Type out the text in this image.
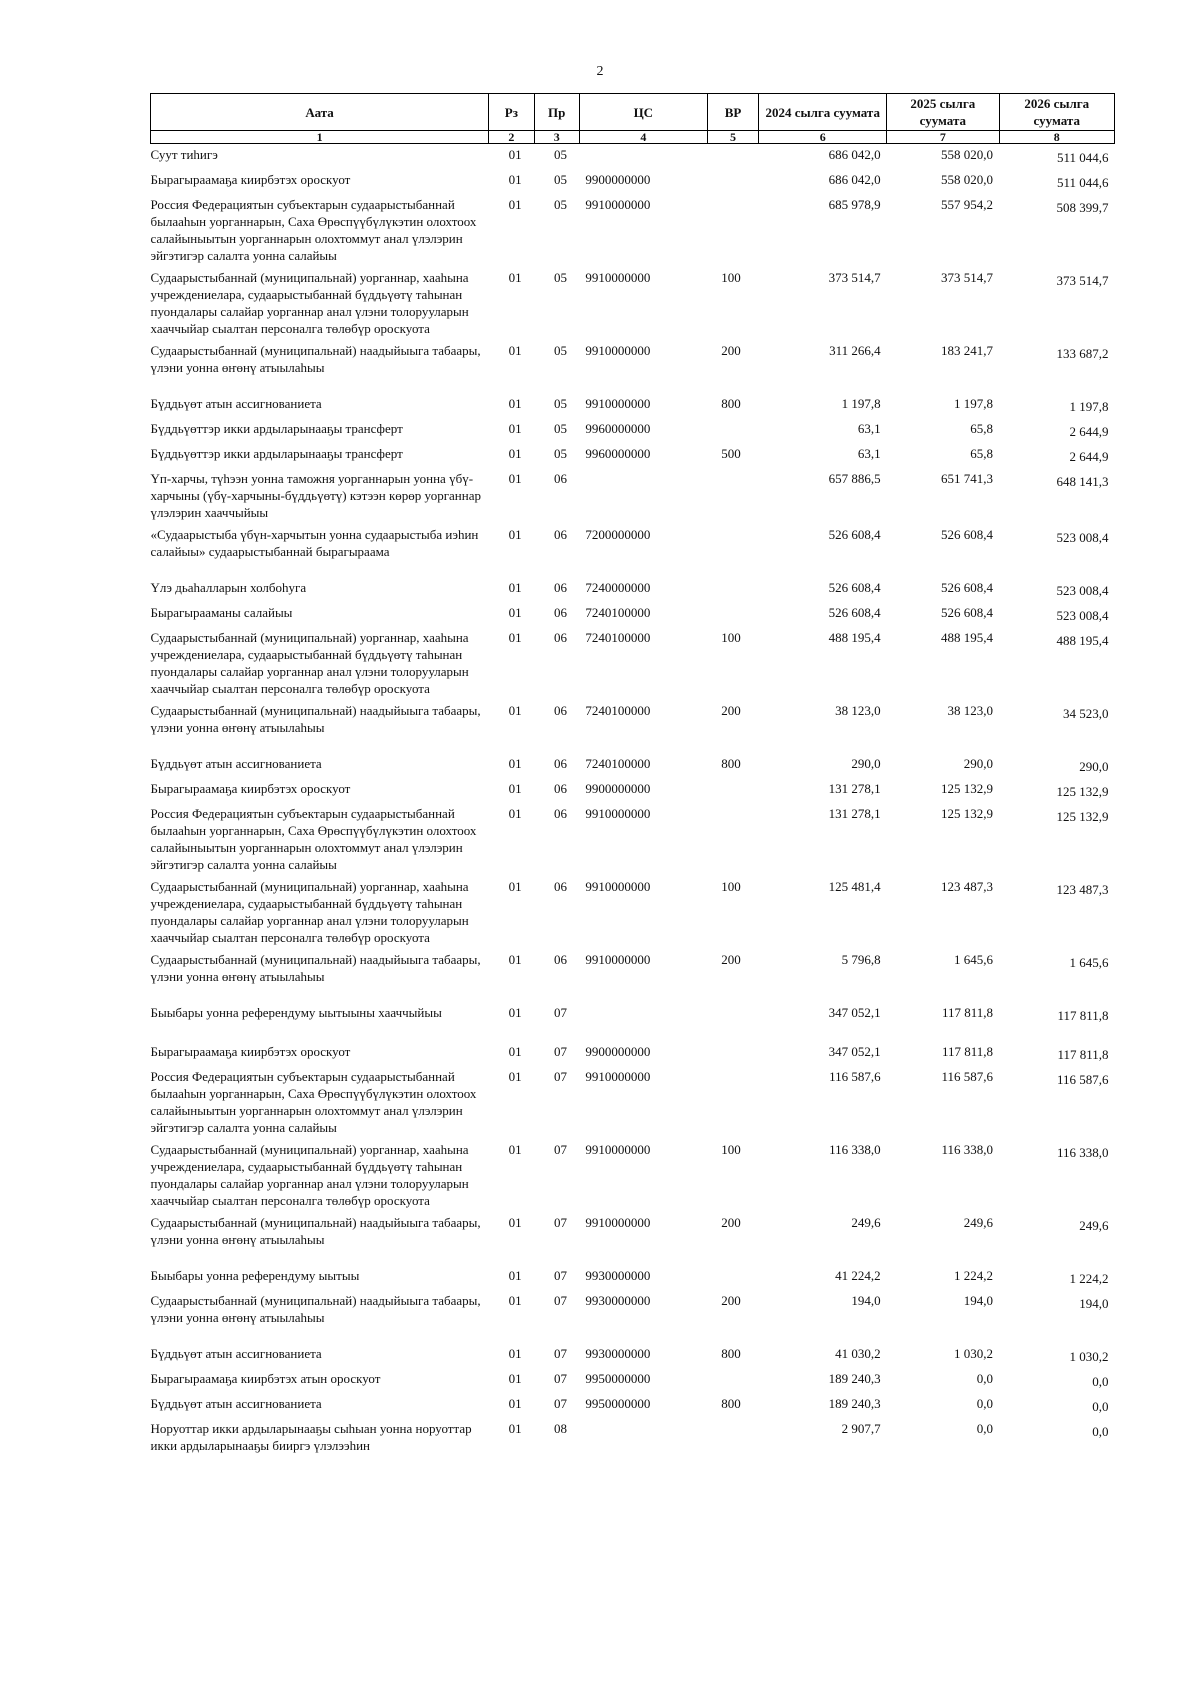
2
Аата	Рз	Пр	ЦС	ВР	2024 сылга суумата	2025 сылга суумата	2026 сылга суумата
1	2	3	4	5	6	7	8
Суут тиһигэ	01	05			686 042,0	558 020,0	511 044,6
Бырагыраамаҕа киирбэтэх ороскуот	01	05	9900000000		686 042,0	558 020,0	511 044,6
Россия Федерациятын субъектарын судаарыстыбаннай былааһын уорганнарын, Саха Өрөспүүбүлүкэтин олохтоох салайыныытын уорганнарын олохтоммут анал үлэлэрин эйгэтигэр салалта уонна салайыы	01	05	9910000000		685 978,9	557 954,2	508 399,7
Судаарыстыбаннай (муниципальнай) уорганнар, хааһына учреждениелара, судаарыстыбаннай бүддьүөтү таһынан пуондалары салайар уорганнар анал үлэни толорууларын хааччыйар сыалтан персоналга төлөбүр ороскуота	01	05	9910000000	100	373 514,7	373 514,7	373 514,7
Судаарыстыбаннай (муниципальнай) наадыйыыга табаары, үлэни уонна өҥөнү атыылаһыы	01	05	9910000000	200	311 266,4	183 241,7	133 687,2

Бүддьүөт атын ассигнованиета	01	05	9910000000	800	1 197,8	1 197,8	1 197,8
Бүддьүөттэр икки ардыларынааҕы трансферт	01	05	9960000000		63,1	65,8	2 644,9
Бүддьүөттэр икки ардыларынааҕы трансферт	01	05	9960000000	500	63,1	65,8	2 644,9
Үп-харчы, түһээн уонна таможня уорганнарын уонна үбү-харчыны (үбү-харчыны-бүддьүөтү) кэтээн көрөр уорганнар үлэлэрин хааччыйыы	01	06			657 886,5	651 741,3	648 141,3
«Судаарыстыба үбүн-харчытын уонна судаарыстыба иэһин салайыы» судаарыстыбаннай бырагыраама	01	06	7200000000		526 608,4	526 608,4	523 008,4

Үлэ дьаһалларын холбоһуга	01	06	7240000000		526 608,4	526 608,4	523 008,4
Бырагырааманы салайыы	01	06	7240100000		526 608,4	526 608,4	523 008,4
Судаарыстыбаннай (муниципальнай) уорганнар, хааһына учреждениелара, судаарыстыбаннай бүддьүөтү таһынан пуондалары салайар уорганнар анал үлэни толорууларын хааччыйар сыалтан персоналга төлөбүр ороскуота	01	06	7240100000	100	488 195,4	488 195,4	488 195,4
Судаарыстыбаннай (муниципальнай) наадыйыыга табаары, үлэни уонна өҥөнү атыылаһыы	01	06	7240100000	200	38 123,0	38 123,0	34 523,0

Бүддьүөт атын ассигнованиета	01	06	7240100000	800	290,0	290,0	290,0
Бырагыраамаҕа киирбэтэх ороскуот	01	06	9900000000		131 278,1	125 132,9	125 132,9
Россия Федерациятын субъектарын судаарыстыбаннай былааһын уорганнарын, Саха Өрөспүүбүлүкэтин олохтоох салайыныытын уорганнарын олохтоммут анал үлэлэрин эйгэтигэр салалта уонна салайыы	01	06	9910000000		131 278,1	125 132,9	125 132,9
Судаарыстыбаннай (муниципальнай) уорганнар, хааһына учреждениелара, судаарыстыбаннай бүддьүөтү таһынан пуондалары салайар уорганнар анал үлэни толорууларын хааччыйар сыалтан персоналга төлөбүр ороскуота	01	06	9910000000	100	125 481,4	123 487,3	123 487,3
Судаарыстыбаннай (муниципальнай) наадыйыыга табаары, үлэни уонна өҥөнү атыылаһыы	01	06	9910000000	200	5 796,8	1 645,6	1 645,6

Быыбары уонна референдуму ыытыыны хааччыйыы	01	07			347 052,1	117 811,8	117 811,8

Бырагыраамаҕа киирбэтэх ороскуот	01	07	9900000000		347 052,1	117 811,8	117 811,8
Россия Федерациятын субъектарын судаарыстыбаннай былааһын уорганнарын, Саха Өрөспүүбүлүкэтин олохтоох салайыныытын уорганнарын олохтоммут анал үлэлэрин эйгэтигэр салалта уонна салайыы	01	07	9910000000		116 587,6	116 587,6	116 587,6
Судаарыстыбаннай (муниципальнай) уорганнар, хааһына учреждениелара, судаарыстыбаннай бүддьүөтү таһынан пуондалары салайар уорганнар анал үлэни толорууларын хааччыйар сыалтан персоналга төлөбүр ороскуота	01	07	9910000000	100	116 338,0	116 338,0	116 338,0
Судаарыстыбаннай (муниципальнай) наадыйыыга табаары, үлэни уонна өҥөнү атыылаһыы	01	07	9910000000	200	249,6	249,6	249,6

Быыбары уонна референдуму ыытыы	01	07	9930000000		41 224,2	1 224,2	1 224,2
Судаарыстыбаннай (муниципальнай) наадыйыыга табаары, үлэни уонна өҥөнү атыылаһыы	01	07	9930000000	200	194,0	194,0	194,0

Бүддьүөт атын ассигнованиета	01	07	9930000000	800	41 030,2	1 030,2	1 030,2
Бырагыраамаҕа киирбэтэх атын ороскуот	01	07	9950000000		189 240,3	0,0	0,0
Бүддьүөт атын ассигнованиета	01	07	9950000000	800	189 240,3	0,0	0,0
Норуоттар икки ардыларынааҕы сыһыан уонна норуоттар икки ардыларынааҕы бииргэ үлэлээһин	01	08			2 907,7	0,0	0,0
